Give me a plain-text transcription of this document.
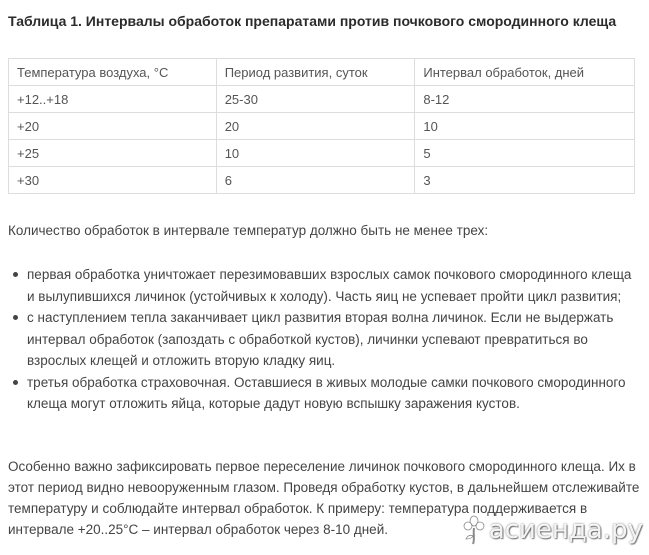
Таблица 1. Интервалы обработок препаратами против почкового смородинного клеща
Температура воздуха, °С	Период развития, суток	Интервал обработок, дней
+12..+18	25-30	8-12
+20	20	10
+25	10	5
+30	6	3

Количество обработок в интервале температур должно быть не менее трех:

первая обработка уничтожает перезимовавших взрослых самок почкового смородинного клеща и вылупившихся личинок (устойчивых к холоду). Часть яиц не успевает пройти цикл развития;
с наступлением тепла заканчивает цикл развития вторая волна личинок. Если не выдержать интервал обработок (запоздать с обработкой кустов), личинки успевают превратиться во взрослых клещей и отложить вторую кладку яиц.
третья обработка страховочная. Оставшиеся в живых молодые самки почкового смородинного клеща могут отложить яйца, которые дадут новую вспышку заражения кустов.

Особенно важно зафиксировать первое переселение личинок почкового смородинного клеща. Их в этот период видно невооруженным глазом. Проведя обработку кустов, в дальнейшем отслеживайте температуру и соблюдайте интервал обработок. К примеру: температура поддерживается в интервале +20..25°С – интервал обработок через 8-10 дней.	асиенда.ру
